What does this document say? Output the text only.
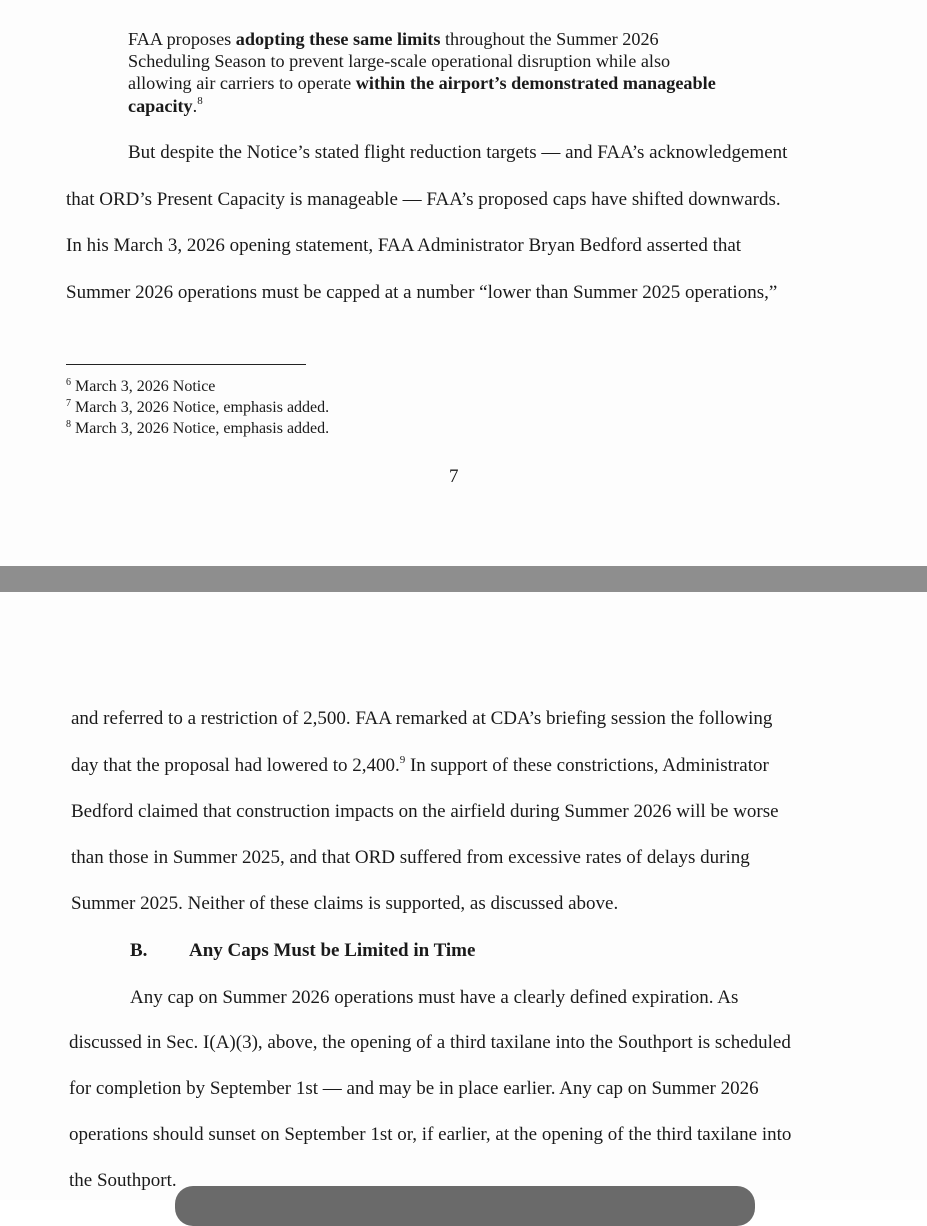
FAA proposes adopting these same limits throughout the Summer 2026
Scheduling Season to prevent large-scale operational disruption while also
allowing air carriers to operate within the airport’s demonstrated manageable
capacity.$^8$
But despite the Notice’s stated flight reduction targets — and FAA’s acknowledgement
that ORD’s Present Capacity is manageable — FAA’s proposed caps have shifted downwards.
In his March 3, 2026 opening statement, FAA Administrator Bryan Bedford asserted that
Summer 2026 operations must be capped at a number “lower than Summer 2025 operations,”
$^6$ March 3, 2026 Notice
$^7$ March 3, 2026 Notice, emphasis added.
$^8$ March 3, 2026 Notice, emphasis added.
7
and referred to a restriction of 2,500. FAA remarked at CDA’s briefing session the following
day that the proposal had lowered to 2,400.$^9$ In support of these constrictions, Administrator
Bedford claimed that construction impacts on the airfield during Summer 2026 will be worse
than those in Summer 2025, and that ORD suffered from excessive rates of delays during
Summer 2025. Neither of these claims is supported, as discussed above.
B. Any Caps Must be Limited in Time
Any cap on Summer 2026 operations must have a clearly defined expiration. As
discussed in Sec. I(A)(3), above, the opening of a third taxilane into the Southport is scheduled
for completion by September 1st — and may be in place earlier. Any cap on Summer 2026
operations should sunset on September 1st or, if earlier, at the opening of the third taxilane into
the Southport.
